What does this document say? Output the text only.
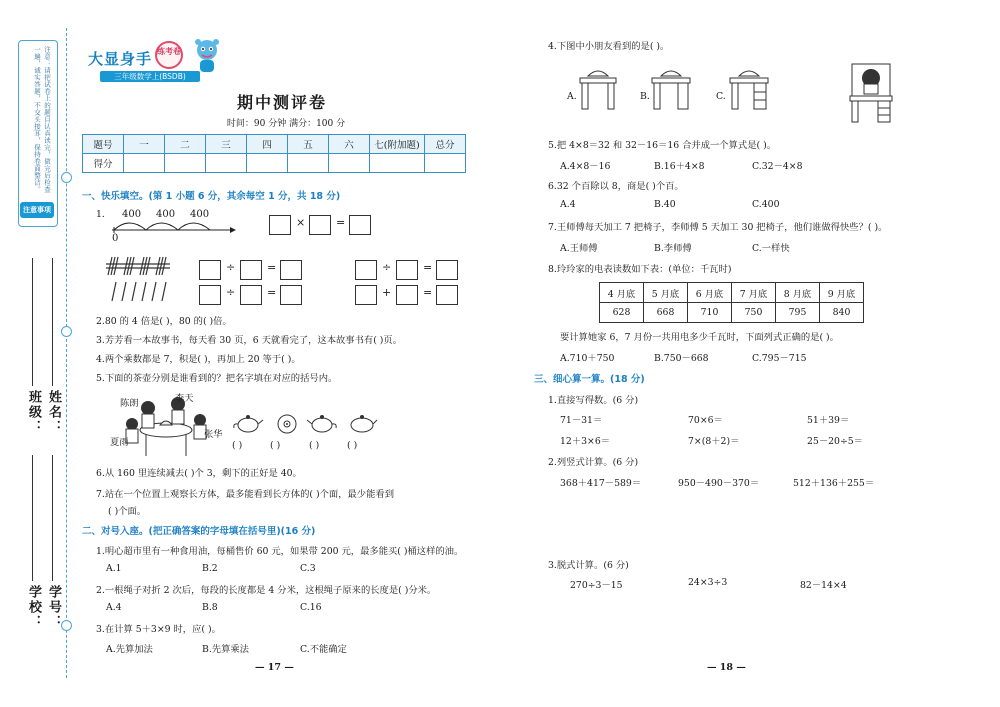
注意：请把试卷上的题目认真读完，做完后检查一遍，诚实答题，不交头接耳，保持卷面整洁。
注意事项
班级： 姓名：
学校： 学号：
大显身手 练考卷
三年级数学上(BSDB)
期中测评卷
时间：90 分钟 满分：100 分
题号	一	二	三	四	五	六	七(附加题)	总分
得分								
一、快乐填空。(第 1 小题 6 分，其余每空 1 分，共 18 分)
1. 400 400 400
0
×	=
÷	=
÷	=
÷	=
+	=
2.80 的 4 倍是( )，80 的( )倍。
3.芳芳看一本故事书，每天看 30 页，6 天就看完了，这本故事书有( )页。
4.两个乘数都是 7，积是( )，再加上 20 等于( )。
5.下面的茶壶分别是谁看到的？把名字填在对应的括号内。
陈朗	李天
夏雨
张华
( )	( )	( )	( )
6.从 160 里连续减去( )个 3，剩下的正好是 40。
7.站在一个位置上观察长方体，最多能看到长方体的( )个面，最少能看到
( )个面。
二、对号入座。(把正确答案的字母填在括号里)(16 分)
1.明心超市里有一种食用油，每桶售价 60 元，如果带 200 元，最多能买( )桶这样的油。
A.1	B.2	C.3
2.一根绳子对折 2 次后，每段的长度都是 4 分米，这根绳子原来的长度是( )分米。
A.4	B.8	C.16
3.在计算 5＋3×9 时，应( )。
A.先算加法	B.先算乘法	C.不能确定
— 17 —
4.下图中小朋友看到的是( )。
A.	B.	C.
5.把 4×8＝32 和 32－16＝16 合并成一个算式是( )。
A.4×8－16	B.16＋4×8	C.32－4×8
6.32 个百除以 8，商是( )个百。
A.4	B.40	C.400
7.王师傅每天加工 7 把椅子，李师傅 5 天加工 30 把椅子，他们谁做得快些？( )。
A.王师傅	B.李师傅	C.一样快
8.玲玲家的电表读数如下表：(单位：千瓦时)
4 月底	5 月底	6 月底	7 月底	8 月底	9 月底
628	668	710	750	795	840
要计算她家 6，7 月份一共用电多少千瓦时，下面列式正确的是( )。
A.710＋750	B.750－668	C.795－715
三、细心算一算。(18 分)
1.直接写得数。(6 分)
71－31＝	70×6＝	51＋39＝
12＋3×6＝	7×(8＋2)＝	25－20÷5＝
2.列竖式计算。(6 分)
368＋417－589＝	950－490－370＝	512＋136＋255＝
3.脱式计算。(6 分)
270÷3－15	24×3÷3	82－14×4
— 18 —
